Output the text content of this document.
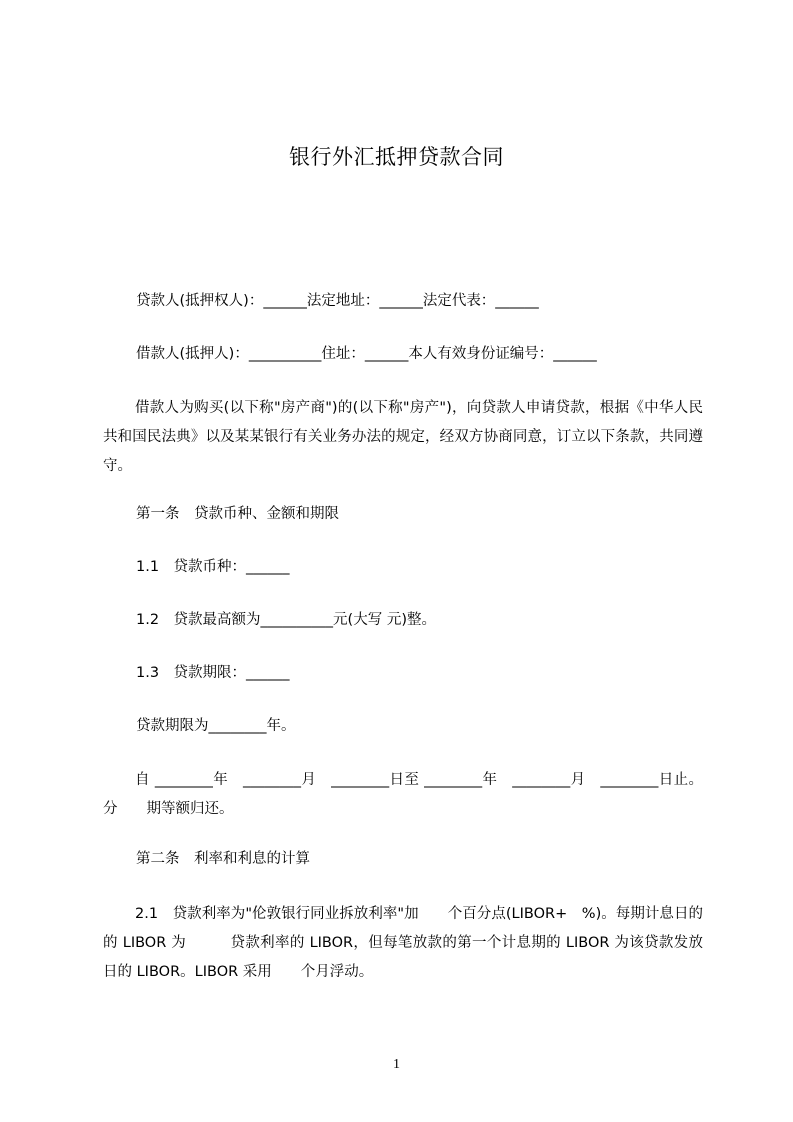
银行外汇抵押贷款合同
贷款人(抵押权人)：______法定地址：______法定代表：______
借款人(抵押人)：__________住址：______本人有效身份证编号：______
借款人为购买(以下称"房产商")的(以下称"房产")，向贷款人申请贷款，根据《中华人民共和国民法典》以及某某银行有关业务办法的规定，经双方协商同意，订立以下条款，共同遵守。
第一条　贷款币种、金额和期限
1.1　贷款币种：______
1.2　贷款最高额为__________元(大写 元)整。
1.3　贷款期限：______
贷款期限为________年。
自 ________年　________月　________日至 ________年　________月　________日止。分　　期等额归还。
第二条　利率和利息的计算
2.1　贷款利率为"伦敦银行同业拆放利率"加　　个百分点(LIBOR+　%)。每期计息日的　　的 LIBOR 为　　　贷款利率的 LIBOR，但每笔放款的第一个计息期的 LIBOR 为该贷款发放日的 LIBOR。LIBOR 采用　　个月浮动。
1
